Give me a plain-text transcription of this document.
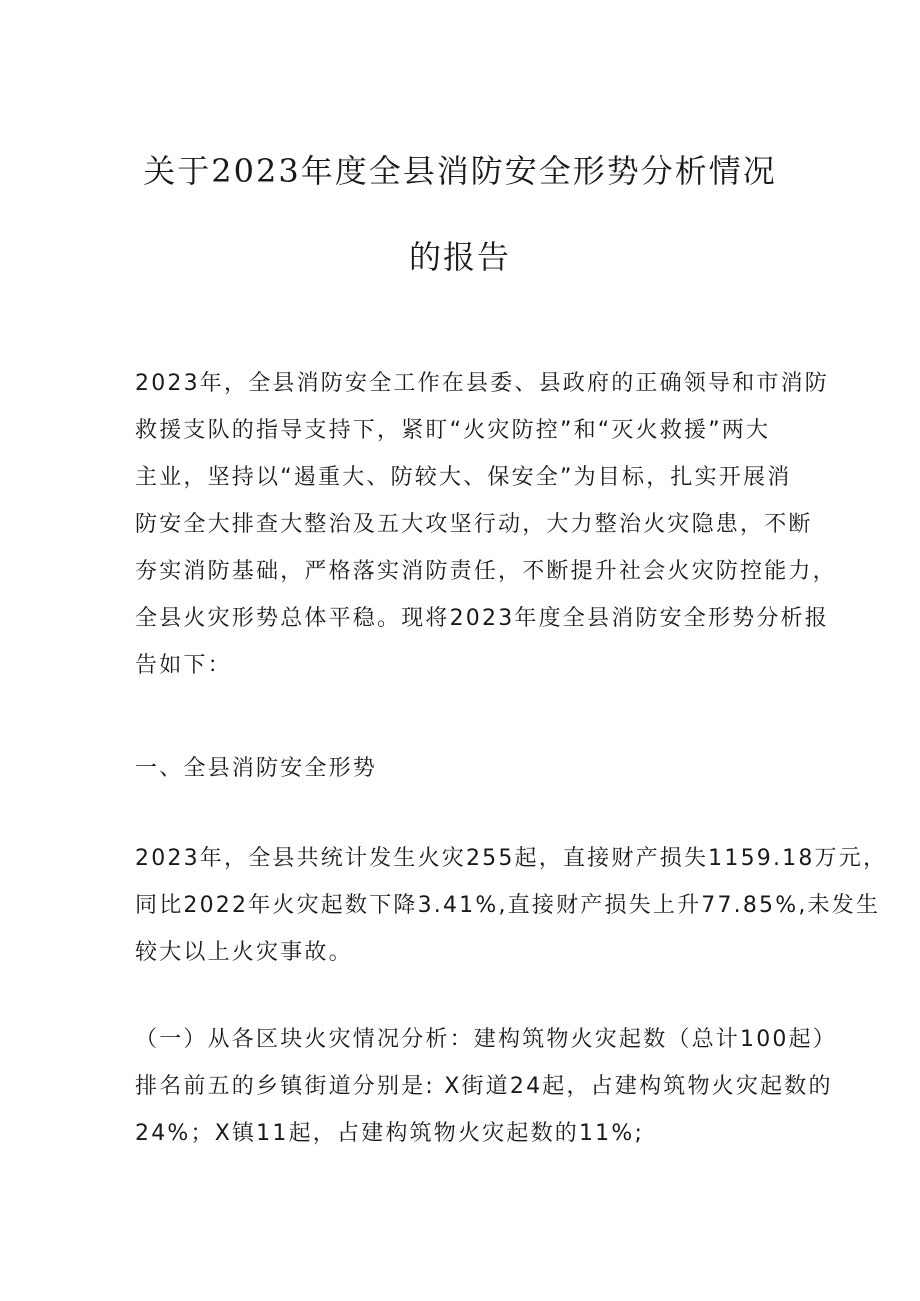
关于2023年度全县消防安全形势分析情况
的报告
2023年，全县消防安全工作在县委、县政府的正确领导和市消防
救援支队的指导支持下，紧盯“火灾防控”和“灭火救援”两大
主业，坚持以“遏重大、防较大、保安全”为目标，扎实开展消
防安全大排查大整治及五大攻坚行动，大力整治火灾隐患，不断
夯实消防基础，严格落实消防责任，不断提升社会火灾防控能力，
全县火灾形势总体平稳。现将2023年度全县消防安全形势分析报
告如下：
一、全县消防安全形势
2023年，全县共统计发生火灾255起，直接财产损失1159.18万元，
同比2022年火灾起数下降3.41%,直接财产损失上升77.85%,未发生
较大以上火灾事故。
（一）从各区块火灾情况分析：建构筑物火灾起数（总计100起）
排名前五的乡镇街道分别是: X街道24起，占建构筑物火灾起数的
24%；X镇11起，占建构筑物火灾起数的11%;
